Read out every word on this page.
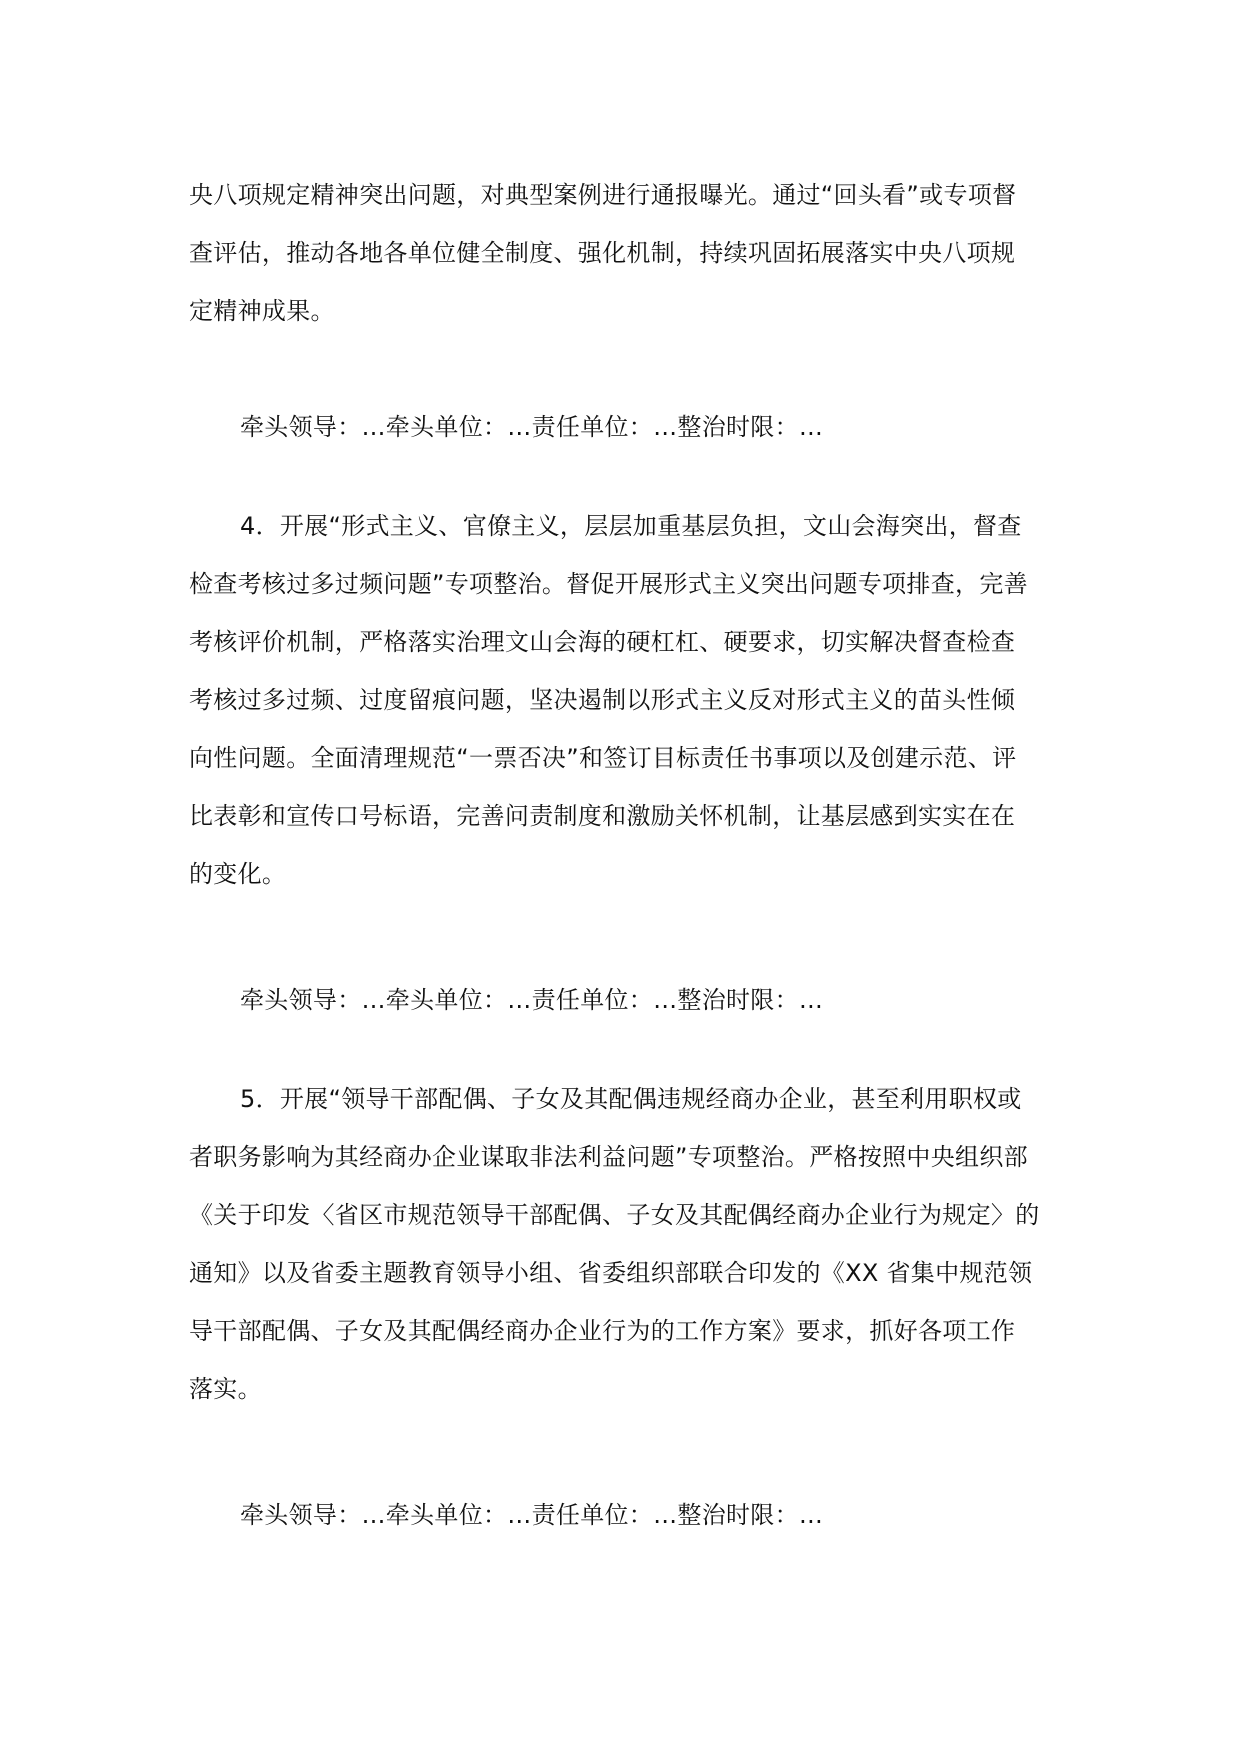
央八项规定精神突出问题，对典型案例进行通报曝光。通过“回头看”或专项督
查评估，推动各地各单位健全制度、强化机制，持续巩固拓展落实中央八项规
定精神成果。
牵头领导：…牵头单位：…责任单位：…整治时限：…
4．开展“形式主义、官僚主义，层层加重基层负担，文山会海突出，督查
检查考核过多过频问题”专项整治。督促开展形式主义突出问题专项排查，完善
考核评价机制，严格落实治理文山会海的硬杠杠、硬要求，切实解决督查检查
考核过多过频、过度留痕问题，坚决遏制以形式主义反对形式主义的苗头性倾
向性问题。全面清理规范“一票否决”和签订目标责任书事项以及创建示范、评
比表彰和宣传口号标语，完善问责制度和激励关怀机制，让基层感到实实在在
的变化。
牵头领导：…牵头单位：…责任单位：…整治时限：…
5．开展“领导干部配偶、子女及其配偶违规经商办企业，甚至利用职权或
者职务影响为其经商办企业谋取非法利益问题”专项整治。严格按照中央组织部
《关于印发〈省区市规范领导干部配偶、子女及其配偶经商办企业行为规定〉的
通知》以及省委主题教育领导小组、省委组织部联合印发的《XX 省集中规范领
导干部配偶、子女及其配偶经商办企业行为的工作方案》要求，抓好各项工作
落实。
牵头领导：…牵头单位：…责任单位：…整治时限：…
